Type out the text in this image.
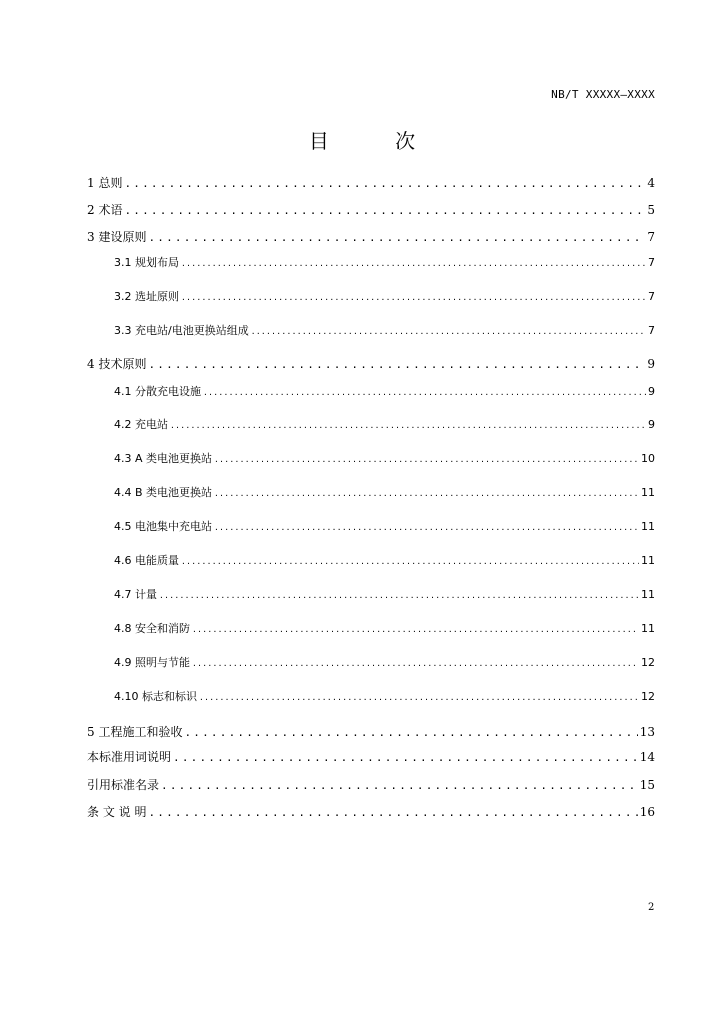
NB/T XXXXX—XXXX
目 次
1 总则 .....	4
2 术语 .....	5
3 建设原则 .....	7
3.1 规划布局 .....	7
3.2 选址原则 .....	7
3.3 充电站/电池更换站组成 .....	7
4 技术原则 .....	9
4.1 分散充电设施 .....	9
4.2 充电站 .....	9
4.3 A 类电池更换站 .....	10
4.4 B 类电池更换站 .....	11
4.5 电池集中充电站 .....	11
4.6 电能质量 .....	11
4.7 计量 .....	11
4.8 安全和消防 .....	11
4.9 照明与节能 .....	12
4.10 标志和标识 .....	12
5 工程施工和验收 .....	13
本标准用词说明 .....	14
引用标准名录 .....	15
条 文 说 明 .....	16
2
